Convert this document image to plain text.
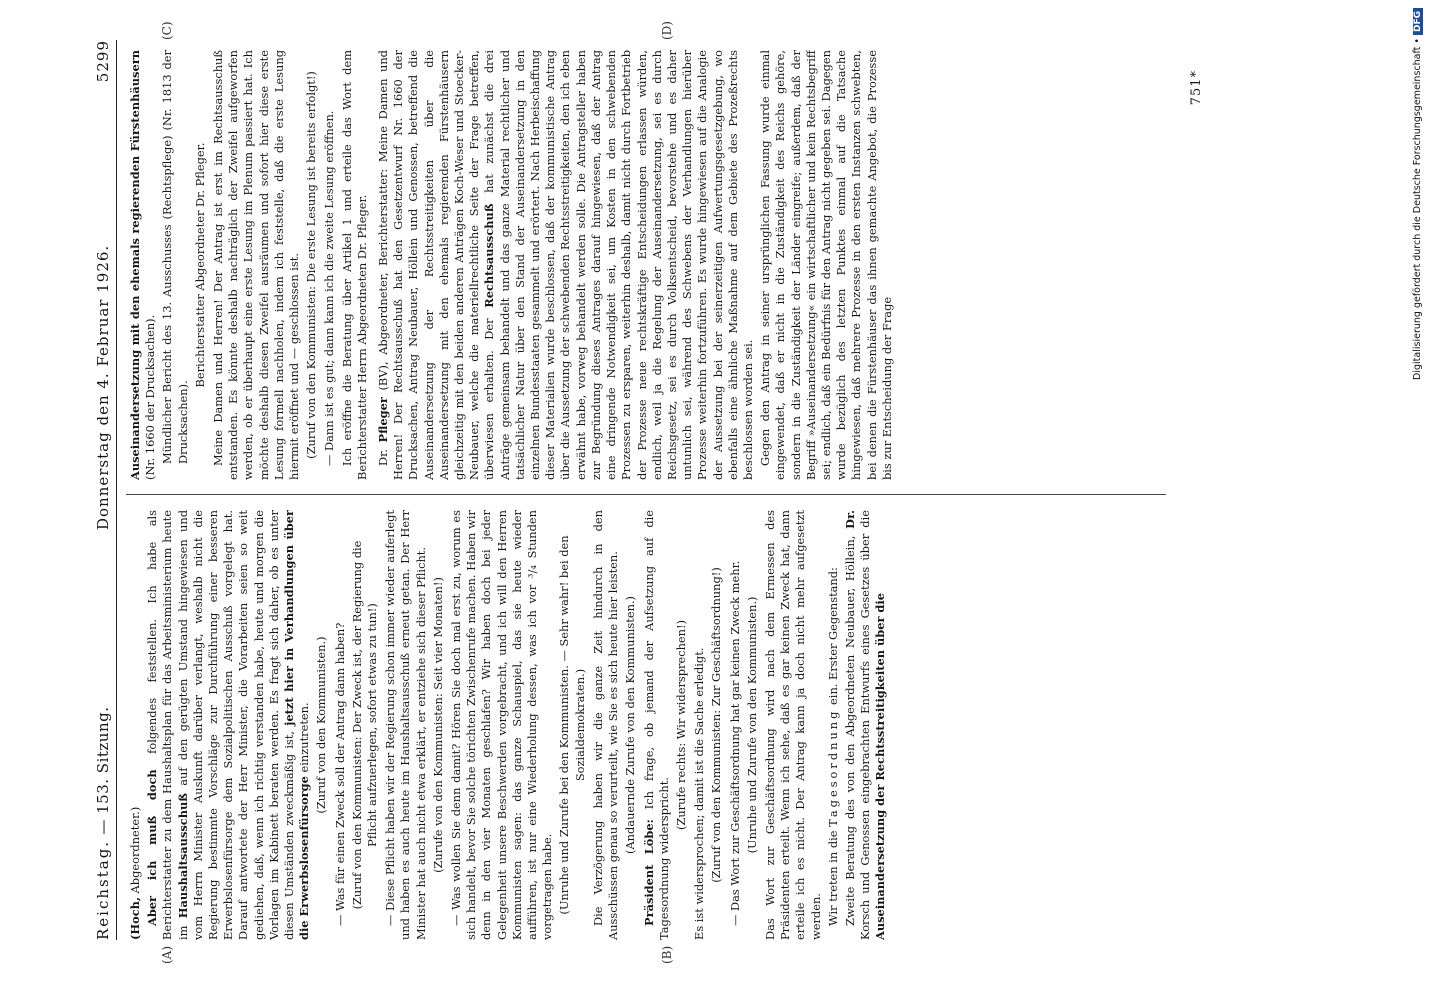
Reichstag. — 153. Sitzung.
Donnerstag den 4. Februar 1926.
5299
(A)	(B)
(C)	(D)

(Hoch, Abgeordneter.) Aber ich muß doch folgendes feststellen. Ich habe als Berichterstatter zu dem Haushaltsplan für das Arbeitsministerium heute im Haushaltsausschuß auf den gerügten Umstand hingewiesen und vom Herrn Minister Auskunft darüber verlangt, weshalb nicht die Regierung bestimmte Vorschläge zur Durchführung einer besseren Erwerbslosenfürsorge dem Sozialpolitischen Ausschuß vorgelegt hat. Darauf antwortete der Herr Minister, die Vorarbeiten seien so weit gediehen, daß, wenn ich richtig verstanden habe, heute und morgen die Vorlagen im Kabinett beraten werden. Es fragt sich daher, ob es unter diesen Umständen zweckmäßig ist, jetzt hier in Verhandlungen über die Erwerbslosenfürsorge einzutreten. (Zuruf von den Kommunisten.) — Was für einen Zweck soll der Antrag dann haben? (Zuruf von den Kommunisten: Der Zweck ist, der Regierung die Pflicht aufzuerlegen, sofort etwas zu tun!) — Diese Pflicht haben wir der Regierung schon immer wieder auferlegt und haben es auch heute im Haushaltsausschuß erneut getan. Der Herr Minister hat auch nicht etwa erklärt, er entziehe sich dieser Pflicht. (Zurufe von den Kommunisten: Seit vier Monaten!) — Was wollen Sie denn damit? Hören Sie doch mal erst zu, worum es sich handelt, bevor Sie solche törichten Zwischenrufe machen. Haben wir denn in den vier Monaten geschlafen? Wir haben doch bei jeder Gelegenheit unsere Beschwerden vorgebracht, und ich will den Herren Kommunisten sagen: das ganze Schauspiel, das sie heute wieder aufführen, ist nur eine Wiederholung dessen, was ich vor ³/₄ Stunden vorgetragen habe. (Unruhe und Zurufe bei den Kommunisten. — Sehr wahr! bei den Sozialdemokraten.) Die Verzögerung haben wir die ganze Zeit hindurch in den Ausschüssen genau so verurteilt, wie Sie es sich heute hier leisten. (Andauernde Zurufe von den Kommunisten.)

Präsident Löbe: Ich frage, ob jemand der Aufsetzung auf die Tagesordnung widerspricht.

(Zurufe rechts: Wir widersprechen!) Es ist widersprochen; damit ist die Sache erledigt. (Zuruf von den Kommunisten: Zur Geschäftsordnung!) — Das Wort zur Geschäftsordnung hat gar keinen Zweck mehr. (Unruhe und Zurufe von den Kommunisten.) Das Wort zur Geschäftsordnung wird nach dem Ermessen des Präsidenten erteilt. Wenn ich sehe, daß es gar keinen Zweck hat, dann erteile ich es nicht. Der Antrag kann ja doch nicht mehr aufgesetzt werden. Wir treten in die Tagesordnung ein. Erster Gegenstand: Zweite Beratung des von den Abgeordneten Neubauer, Höllein, Dr. Korsch und Genossen eingebrachten Entwurfs eines Gesetzes über die Auseinandersetzung der Rechtsstreitigkeiten über die

Auseinandersetzung mit den ehemals regierenden Fürstenhäusern (Nr. 1660 der Drucksachen). Mündlicher Bericht des 13. Ausschusses (Rechtspflege) (Nr. 1813 der Drucksachen).

Berichterstatter Abgeordneter Dr. Pfleger. Meine Damen und Herren! Der Antrag ist erst im Rechtsausschuß entstanden. Es könnte deshalb nachträglich der Zweifel aufgeworfen werden, ob er überhaupt eine erste Lesung im Plenum passiert hat. Ich möchte deshalb diesen Zweifel ausräumen und sofort hier diese erste Lesung formell nachholen, indem ich feststelle, daß die erste Lesung hiermit eröffnet und — geschlossen ist. (Zuruf von den Kommunisten: Die erste Lesung ist bereits erfolgt!) — Dann ist es gut; dann kann ich die zweite Lesung eröffnen. Ich eröffne die Beratung über Artikel 1 und erteile das Wort dem Berichterstatter Herrn Abgeordneten Dr. Pfleger. Dr. Pfleger (BV), Abgeordneter, Berichterstatter: Meine Damen und Herren! Der Rechtsausschuß hat den Gesetzentwurf Nr. 1660 der Drucksachen, Antrag Neubauer, Höllein und Genossen, betreffend die Auseinandersetzung der Rechtsstreitigkeiten über die Auseinandersetzung mit den ehemals regierenden Fürstenhäusern gleichzeitig mit den beiden anderen Anträgen Koch-Weser und Stoecker-Neubauer, welche die materiellrechtliche Seite der Frage betreffen, überwiesen erhalten. Der Rechtsausschuß hat zunächst die drei Anträge gemeinsam behandelt und das ganze Material rechtlicher und tatsächlicher Natur über den Stand der Auseinandersetzung in den einzelnen Bundesstaaten gesammelt und erörtert. Nach Herbeischaffung dieser Materialien wurde beschlossen, daß der kommunistische Antrag über die Aussetzung der schwebenden Rechtsstreitigkeiten, den ich eben erwähnt habe, vorweg behandelt werden solle. Die Antragsteller haben zur Begründung dieses Antrages darauf hingewiesen, daß der Antrag eine dringende Notwendigkeit sei, um Kosten in den schwebenden Prozessen zu ersparen, weiterhin deshalb, damit nicht durch Fortbetrieb der Prozesse neue rechtskräftige Entscheidungen erlassen würden, endlich, weil ja die Regelung der Auseinandersetzung, sei es durch Reichsgesetz, sei es durch Volksentscheid, bevorstehe und es daher untunlich sei, während des Schwebens der Verhandlungen hierüber Prozesse weiterhin fortzuführen. Es wurde hingewiesen auf die Analogie der Aussetzung bei der seinerzeitigen Aufwertungsgesetzgebung, wo ebenfalls eine ähnliche Maßnahme auf dem Gebiete des Prozeßrechts beschlossen worden sei. Gegen den Antrag in seiner ursprünglichen Fassung wurde einmal eingewendet, daß er nicht in die Zuständigkeit des Reichs gehöre, sondern in die Zuständigkeit der Länder eingreife; außerdem, daß der Begriff »Auseinandersetzung« ein wirtschaftlicher und kein Rechtsbegriff sei; endlich, daß ein Bedürfnis für den Antrag nicht gegeben sei. Dagegen wurde bezüglich des letzten Punktes einmal auf die Tatsache hingewiesen, daß mehrere Prozesse in den ersten Instanzen schwebten, bei denen die Fürstenhäuser das ihnen gemachte Angebot, die Prozesse bis zur Entscheidung der Frage

751*	Digitalisierung gefördert durch die Deutsche Forschungsgemeinschaft •DFG
